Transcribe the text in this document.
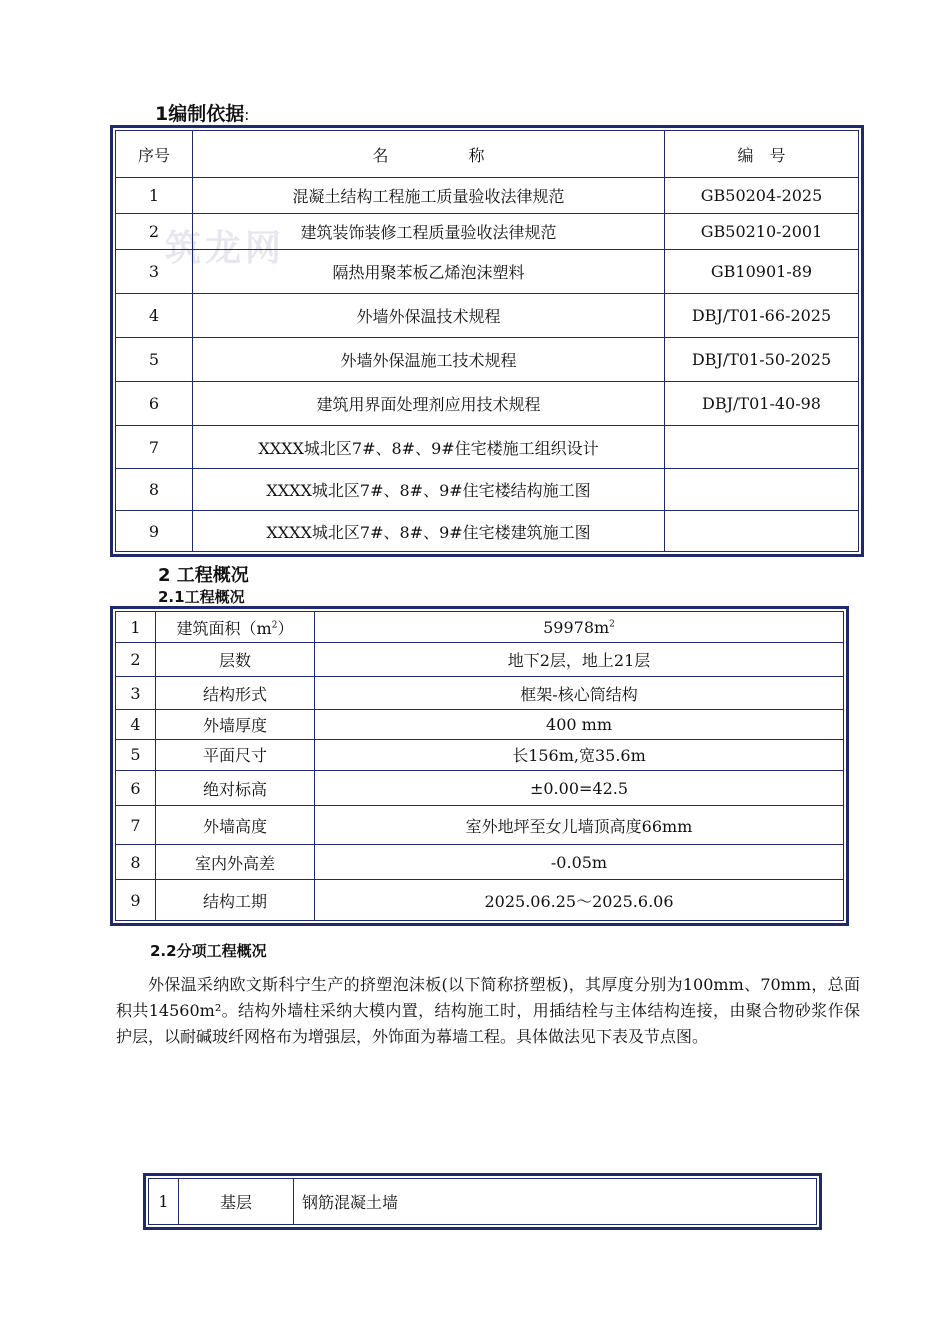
筑龙网
1编制依据:
序号	名　　　　　称	编　号
1	混凝土结构工程施工质量验收法律规范	GB50204-2025
2	建筑装饰装修工程质量验收法律规范	GB50210-2001
3	隔热用聚苯板乙烯泡沫塑料	GB10901-89
4	外墙外保温技术规程	DBJ/T01-66-2025
5	外墙外保温施工技术规程	DBJ/T01-50-2025
6	建筑用界面处理剂应用技术规程	DBJ/T01-40-98
7	XXXX城北区7#、8#、9#住宅楼施工组织设计	
8	XXXX城北区7#、8#、9#住宅楼结构施工图	
9	XXXX城北区7#、8#、9#住宅楼建筑施工图	
2 工程概况
2.1工程概况
1	建筑面积$(m^2)$	$59978m^2$
2	层数	地下2层，地上21层
3	结构形式	框架-核心筒结构
4	外墙厚度	400 mm
5	平面尺寸	长156m,宽35.6m
6	绝对标高	±0.00=42.5
7	外墙高度	室外地坪至女儿墙顶高度66mm
8	室内外高差	-0.05m
9	结构工期	2025.06.25～2025.6.06
2.2分项工程概况
外保温采纳欧文斯科宁生产的挤塑泡沫板(以下简称挤塑板)，其厚度分别为100mm、70mm，总面积共14560m²。结构外墙柱采纳大模内置，结构施工时，用插结栓与主体结构连接，由聚合物砂浆作保护层，以耐碱玻纤网格布为增强层，外饰面为幕墙工程。具体做法见下表及节点图。
1	基层	钢筋混凝土墙
